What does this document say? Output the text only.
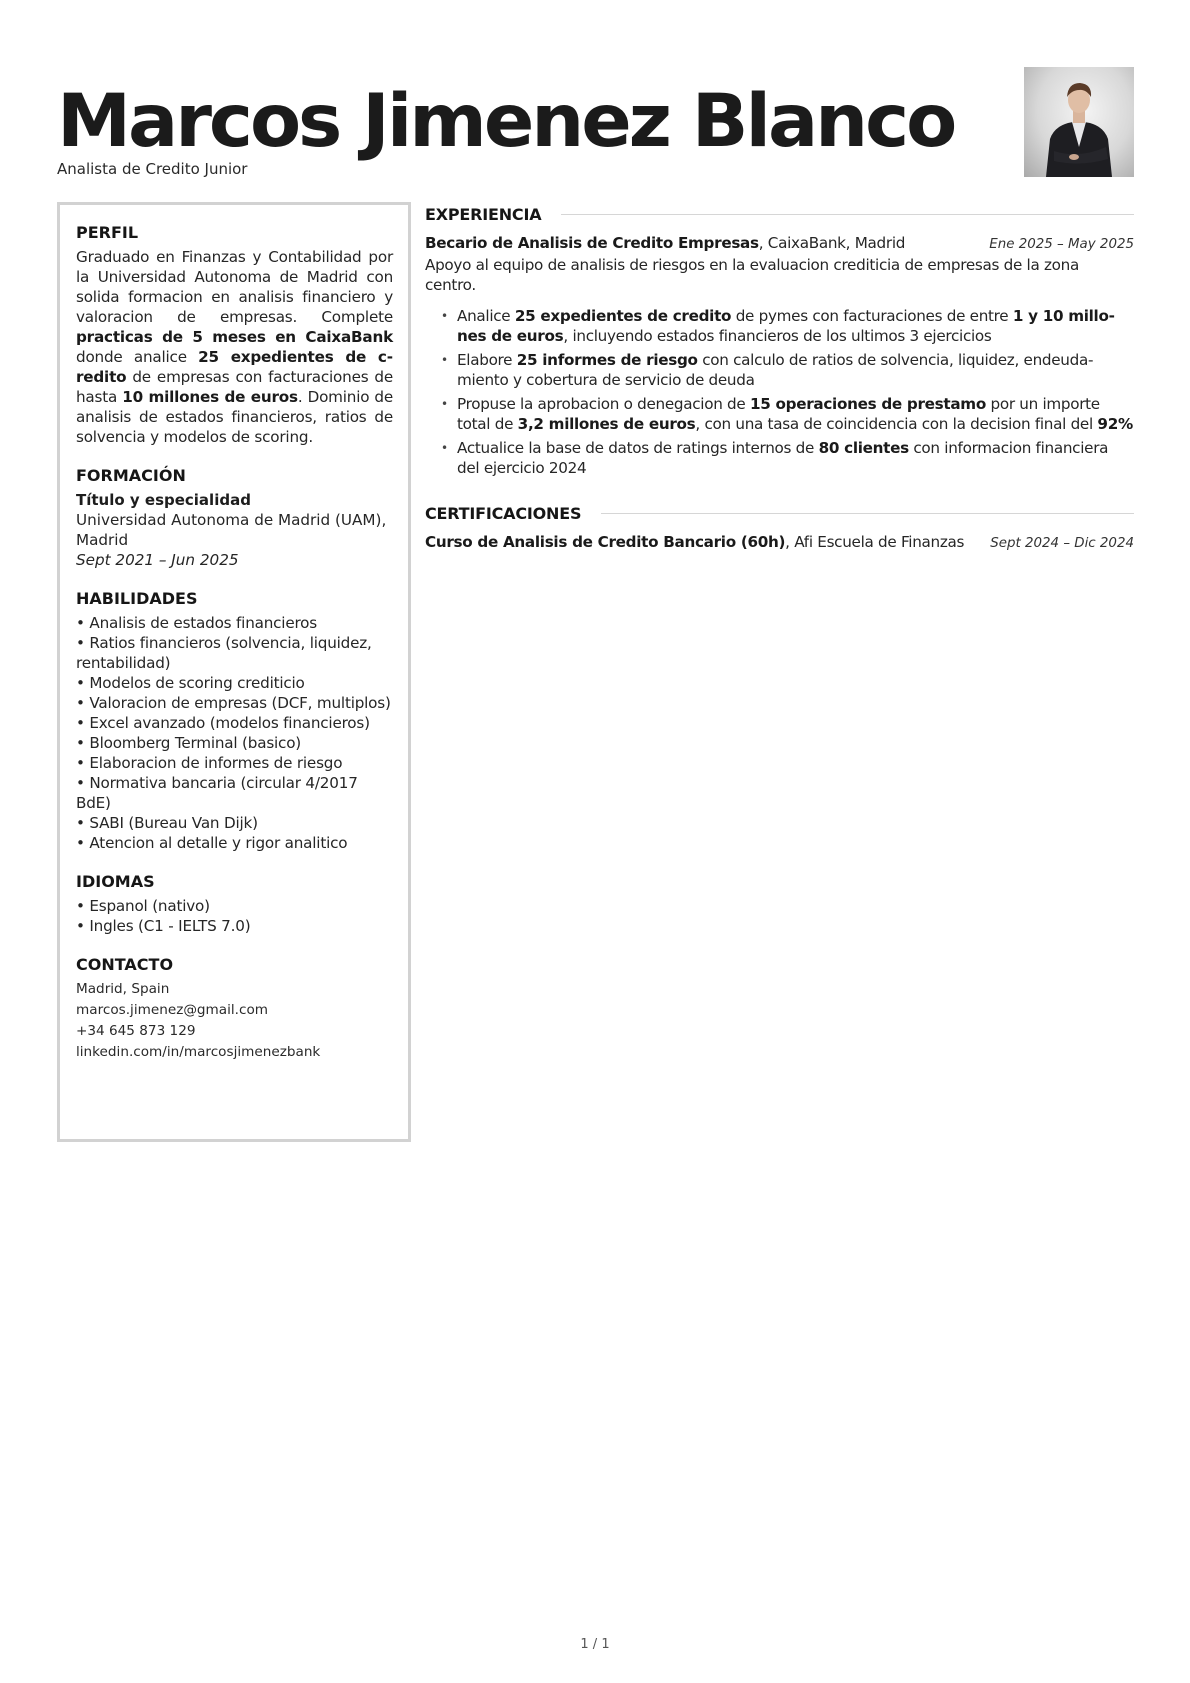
Marcos Jimenez Blanco
Analista de Credito Junior
PERFIL
Graduado en Finanzas y Contabilidad por la Universidad Autonoma de Madrid con solida formacion en analisis financiero y valoracion de empresas. Complete practicas de 5 meses en CaixaBank donde analice 25 expedientes de credito de empresas con facturaciones de hasta 10 millones de euros. Dominio de analisis de estados financieros, ratios de solvencia y modelos de scoring.
FORMACIÓN
Título y especialidad
Universidad Autonoma de Madrid (UAM), Madrid
Sept 2021 – Jun 2025
HABILIDADES
• Analisis de estados financieros
• Ratios financieros (solvencia, liquidez, rentabilidad)
• Modelos de scoring crediticio
• Valoracion de empresas (DCF, multiplos)
• Excel avanzado (modelos financieros)
• Bloomberg Terminal (basico)
• Elaboracion de informes de riesgo
• Normativa bancaria (circular 4/2017 BdE)
• SABI (Bureau Van Dijk)
• Atencion al detalle y rigor analitico
IDIOMAS
• Espanol (nativo)
• Ingles (C1 - IELTS 7.0)
CONTACTO
Madrid, Spain
marcos.jimenez@gmail.com
+34 645 873 129
linkedin.com/in/marcosjimenezbank
EXPERIENCIA
Becario de Analisis de Credito Empresas, CaixaBank, Madrid	Ene 2025 – May 2025
Apoyo al equipo de analisis de riesgos en la evaluacion crediticia de empresas de la zona centro.
• Analice 25 expedientes de credito de pymes con facturaciones de entre 1 y 10 millones de euros, incluyendo estados financieros de los ultimos 3 ejercicios
• Elabore 25 informes de riesgo con calculo de ratios de solvencia, liquidez, endeudamiento y cobertura de servicio de deuda
• Propuse la aprobacion o denegacion de 15 operaciones de prestamo por un importe total de 3,2 millones de euros, con una tasa de coincidencia con la decision final del 92%
• Actualice la base de datos de ratings internos de 80 clientes con informacion financiera del ejercicio 2024
CERTIFICACIONES
Curso de Analisis de Credito Bancario (60h), Afi Escuela de Finanzas Sept 2024 – Dic 2024
1 / 1
